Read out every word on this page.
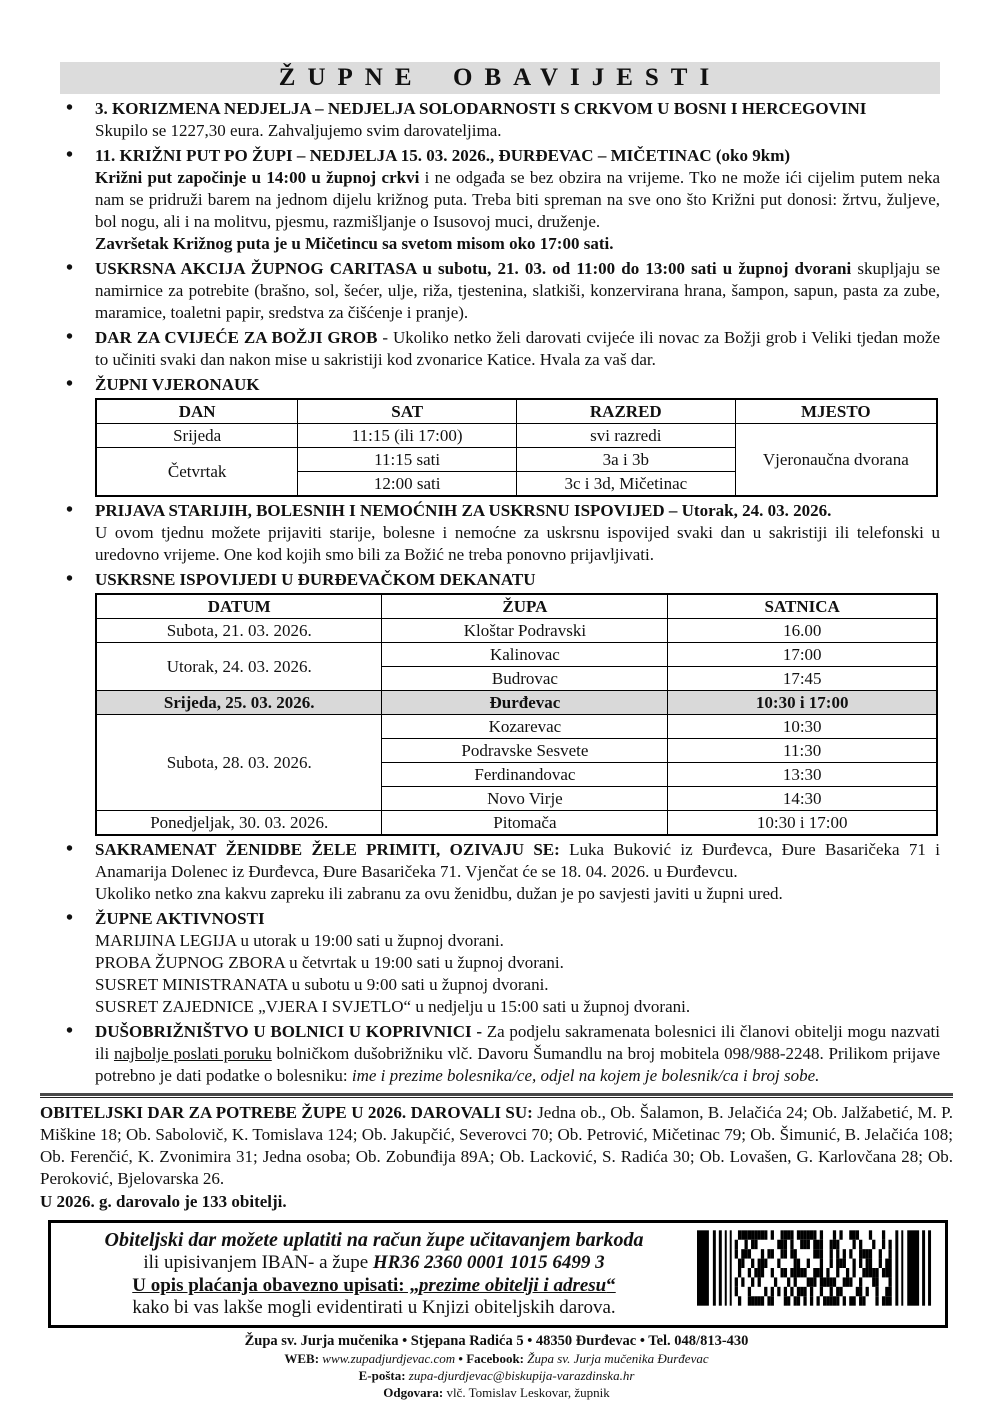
ŽUPNE OBAVIJESTI
• 3. KORIZMENA NEDJELJA – NEDJELJA SOLODARNOSTI S CRKVOM U BOSNI I HERCEGOVINI
Skupilo se 1227,30 eura. Zahvaljujemo svim darovateljima.
• 11. KRIŽNI PUT PO ŽUPI – NEDJELJA 15. 03. 2026., ĐURĐEVAC – MIČETINAC (oko 9km)

Križni put započinje u 14:00 u župnoj crkvi i ne odgađa se bez obzira na vrijeme. Tko ne može ići cijelim putem neka nam se pridruži barem na jednom dijelu križnog puta. Treba biti spreman na sve ono što Križni put donosi: žrtvu, žuljeve, bol nogu, ali i na molitvu, pjesmu, razmišljanje o Isusovoj muci, druženje.

Završetak Križnog puta je u Mičetincu sa svetom misom oko 17:00 sati.

• USKRSNA AKCIJA ŽUPNOG CARITASA u subotu, 21. 03. od 11:00 do 13:00 sati u župnoj dvorani skupljaju se namirnice za potrebite (brašno, sol, šećer, ulje, riža, tjestenina, slatkiši, konzervirana hrana, šampon, sapun, pasta za zube, maramice, toaletni papir, sredstva za čišćenje i pranje).

• DAR ZA CVIJEĆE ZA BOŽJI GROB - Ukoliko netko želi darovati cvijeće ili novac za Božji grob i Veliki tjedan može to učiniti svaki dan nakon mise u sakristiji kod zvonarice Katice. Hvala za vaš dar.

• ŽUPNI VJERONAUK
DAN	SAT	RAZRED	MJESTO
Srijeda	11:15 (ili 17:00)	svi razredi	Vjeronaučna dvorana
Četvrtak	11:15 sati	3a i 3b	
	12:00 sati	3c i 3d, Mičetinac	
• PRIJAVA STARIJIH, BOLESNIH I NEMOĆNIH ZA USKRSNU ISPOVIJED – Utorak, 24. 03. 2026.

U ovom tjednu možete prijaviti starije, bolesne i nemoćne za uskrsnu ispovijed svaki dan u sakristiji ili telefonski u uredovno vrijeme. One kod kojih smo bili za Božić ne treba ponovno prijavljivati.

• USKRSNE ISPOVIJEDI U ĐURĐEVAČKOM DEKANATU
DATUM	ŽUPA	SATNICA
Subota, 21. 03. 2026.	Kloštar Podravski	16.00
Utorak, 24. 03. 2026.	Kalinovac	17:00
	Budrovac	17:45
Srijeda, 25. 03. 2026.	Đurđevac	10:30 i 17:00
Subota, 28. 03. 2026.	Kozarevac	10:30
	Podravske Sesvete	11:30
	Ferdinandovac	13:30
	Novo Virje	14:30
Ponedjeljak, 30. 03. 2026.	Pitomača	10:30 i 17:00

• SAKRAMENAT ŽENIDBE ŽELE PRIMITI, OZIVAJU SE: Luka Buković iz Đurđevca, Đure Basaričeka 71 i Anamarija Dolenec iz Đurđevca, Đure Basaričeka 71. Vjenčat će se 18. 04. 2026. u Đurđevcu.

Ukoliko netko zna kakvu zapreku ili zabranu za ovu ženidbu, dužan je po savjesti javiti u župni ured.
• ŽUPNE AKTIVNOSTI
MARIJINA LEGIJA u utorak u 19:00 sati u župnoj dvorani.
PROBA ŽUPNOG ZBORA u četvrtak u 19:00 sati u župnoj dvorani.
SUSRET MINISTRANATA u subotu u 9:00 sati u župnoj dvorani.
SUSRET ZAJEDNICE „VJERA I SVJETLO“ u nedjelju u 15:00 sati u župnoj dvorani.

• DUŠOBRIŽNIŠTVO U BOLNICI U KOPRIVNICI - Za podjelu sakramenata bolesnici ili članovi obitelji mogu nazvati ili najbolje poslati poruku bolničkom dušobrižniku vlč. Davoru Šumandlu na broj mobitela 098/988-2248. Prilikom prijave potrebno je dati podatke o bolesniku: ime i prezime bolesnika/ce, odjel na kojem je bolesnik/ca i broj sobe.

OBITELJSKI DAR ZA POTREBE ŽUPE U 2026. DAROVALI SU: Jedna ob., Ob. Šalamon, B. Jelačića 24; Ob. Jalžabetić, M. P. Miškine 18; Ob. Sabolovič, K. Tomislava 124; Ob. Jakupčić, Severovci 70; Ob. Petrović, Mičetinac 79; Ob. Šimunić, B. Jelačića 108; Ob. Ferenčić, K. Zvonimira 31; Jedna osoba; Ob. Zobunđija 89A; Ob. Lacković, S. Radića 30; Ob. Lovašen, G. Karlovčana 28; Ob. Peroković, Bjelovarska 26.

U 2026. g. darovalo je 133 obitelji.
Obiteljski dar možete uplatiti na račun župe učitavanjem barkoda
ili upisivanjem IBAN- a župe HR36 2360 0001 1015 6499 3
U opis plaćanja obavezno upisati: „prezime obitelji i adresu“
kako bi vas lakše mogli evidentirati u Knjizi obiteljskih darova.
Župa sv. Jurja mučenika • Stjepana Radića 5 • 48350 Đurđevac • Tel. 048/813-430
WEB: www.zupadjurdjevac.com • Facebook: Župa sv. Jurja mučenika Đurđevac
E-pošta: zupa-djurdjevac@biskupija-varazdinska.hr
Odgovara: vlč. Tomislav Leskovar, župnik
